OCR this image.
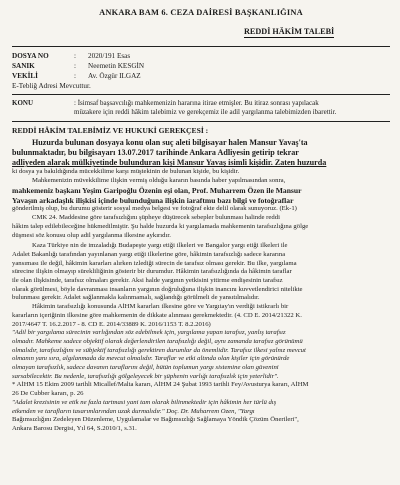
ANKARA BAM 6. CEZA DAİRESİ BAŞKANLIĞINA
REDDİ HÂKİM TALEBİ
DOSYA NO	:	2020/191 Esas
SANIK	:	Neemetin KESGİN
VEKİLİ	:	Av. Özgür ILGAZ
E-Tebliğ Adresi Mevcuttur.
KONU	: İsimsaf başsavcılığı mahkemenizin hararına itirae etmişler. Bu itiraz sonrası yapılacak
müzakere için reddi hâkim talebimiz ve gerekçemiz ile adil yargılanma talebimizden ibarettir.
REDDİ HÂKİM TALEBİMİZ VE HUKUKİ GEREKÇESİ :
Huzurda bulunan dosyaya konu olan suç aleti bilgisayar halen Mansur Yavaş'ta
bulunmaktadır, bu bilgisayarı 13.07.2017 tarihinde Ankara Adliyesin getirip tekrar
adliyeden alarak mülkiyetinde bulunduran kişi Mansur Yavaş isimli kişidir. Zaten huzurda
ki dosya ya bakıldığında mücekkilime karşı müştekinin de bulunan kişide, bu kişidir.
Mahkemenizin müvekkilime ilişkin vermiş olduğu kararın basında haber yapılmasından sonra,
mahkemeniz başkanı Yeşim Garipoğlu Özenin eşi olan, Prof. Muharrem Özen ile Mansur
Yavaşın arkadaşlık ilişkisi içinde bulunduğuna ilişkin iaraftmu bazı bilgi ve fotoğraflar
gönderilmiş olup, bu durumu gösterir sosyal medya belgesi ve fotoğraf ekte delil olarak sunuyoruz. (Ek-1)
CMK 24. Maddesine göre tarafsızlığını şüpheye düşürecek sebepler bulunması halinde reddi
hâkim talep edilebileceğine hükmedilmiştir. Şu halde huzurda ki yargılamada mahkemenin tarafsızlığına gölge
düşmesi söz konusu olup adil yargılanma ilkesine aykırıdır.
Kaza Türkiye nin de imzaladığı Budapeşte yargı etiği ilkeleri ve Bangalor yargı etiği ilkeleri ile
Adalet Bakanlığı tarafından yayınlanan yargı etiği ilkelerine göre, hâkimin tarafsızlığı sadece kararına
yansıması ile değil, hâkimin kararları alırken izlediği sürecin de tarafsız olması gerekir. Bu ilke, yargılama
sürecine ilişkin olmayıp sürekliliğinin gösterir bir durumdur. Hâkimin tarafsızlığında da hâkimin taraflar
ile olan ilişkisinde, tarafsız olmaları gerekir. Aksi halde yargının yetkisini yitirme endişesinin tarafsız
olarak görülmesi, böyle davranması insanların yargının doğruluğuna ilişkin inancını kuvvetlendirici nitelikte
bulunması gerekir. Adalet sağlanmakla kalınmamalı, sağlandığı görülmeli de yansıtılmalıdır.
Hâkimin tarafsızlığı konusunda AİHM kararları ilkesine göre ve Yargıtay'ın verdiği istikrarlı bir
kararların içeriğinin ilkesine göre mahkemenin de dikkate alınması gerekmektedir. (4. CD E. 2014/21322 K.
2017/4647 T. 16.2.2017 - 8. CD E. 2014/33889 K. 2016/1153 T. 8.2.2016)
"Adil bir yargılama sürecinin varlığından söz edebilmek için, yargılama yapan tarafsız, yanlış tarafsız
olmadır. Mahkeme sadece objektif olarak değerlendirilen tarafsızlığı değil, aynı zamanda tarafsız görünümü
olmalıdır, tarafsızlığını ve sübjektif tarafsızlığı gerektiren durumlar da önemlidir. Tarafsız ilkesi yalnız mevcut
olmanın yanı sıra, algılanmada da mevcut olmalıdır. Taraflar ve etki altında olan kişiler için görünürde
olmayan tarafsızlık, sadece davanın taraflarını değil, bütün toplumun yargı sistemine olan güvenini
sarsabilecektir. Bu nedenle, tarafsızlığı gölgeleyecek bir şüphenin varlığı tarafsızlık için yeterlidir".
* AİHM 15 Ekim 2009 tarihli Micallef/Malta kararı, AİHM 24 Şubat 1993 tarihli Fey/Avusturya kararı, AİHM
26 De Cubber kararı, p. 26
"Adalet krezisinin ve etik ne fazla tartmasi yani tam olarak bilinmektedir için hâkimin her türlü dış
etkenden ve tarafların tasarımlarından uzak durmalıdır." Doç. Dr. Muharrem Özen, "Yargı
Bağımsızlığını Zedeleyen Düzenleme, Uygulamalar ve Bağımsızlığı Sağlamaya Yöndik Çözüm Önerileri",
Ankara Barosu Dergisi, Yıl 64, S.2010/1, s.31.
